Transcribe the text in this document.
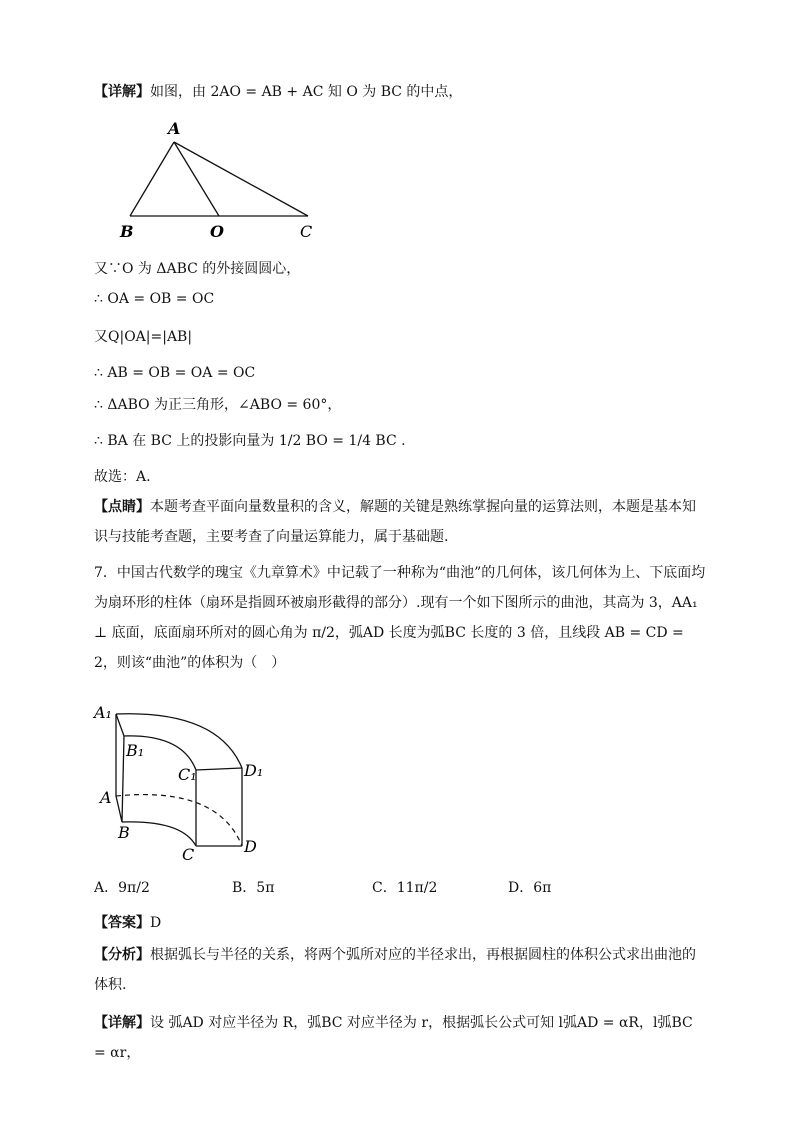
【详解】如图，由 2AO = AB + AC 知 O 为 BC 的中点，
A
B	O	C
又∵O 为 ΔABC 的外接圆圆心，
∴ OA = OB = OC
又Q|OA|=|AB|
∴ AB = OB = OA = OC
∴ ΔABO 为正三角形，∠ABO = 60°，
∴ BA 在 BC 上的投影向量为 1/2 BO = 1/4 BC .
故选：A.
【点睛】本题考查平面向量数量积的含义，解题的关键是熟练掌握向量的运算法则，本题是基本知识与技能考查题，主要考查了向量运算能力，属于基础题.
7．中国古代数学的瑰宝《九章算术》中记载了一种称为“曲池”的几何体，该几何体为上、下底面均为扇环形的柱体（扇环是指圆环被扇形截得的部分）.现有一个如下图所示的曲池，其高为 3，AA₁ ⊥ 底面，底面扇环所对的圆心角为 π/2，弧AD 长度为弧BC 长度的 3 倍，且线段 AB = CD = 2，则该“曲池”的体积为（　）
A₁
B₁
C₁	D₁
A
B
C	D
A．9π/2	B．5π	C．11π/2	D．6π
【答案】D
【分析】根据弧长与半径的关系，将两个弧所对应的半径求出，再根据圆柱的体积公式求出曲池的体积.
【详解】设 弧AD 对应半径为 R，弧BC 对应半径为 r，根据弧长公式可知 l弧AD = αR，l弧BC = αr，
